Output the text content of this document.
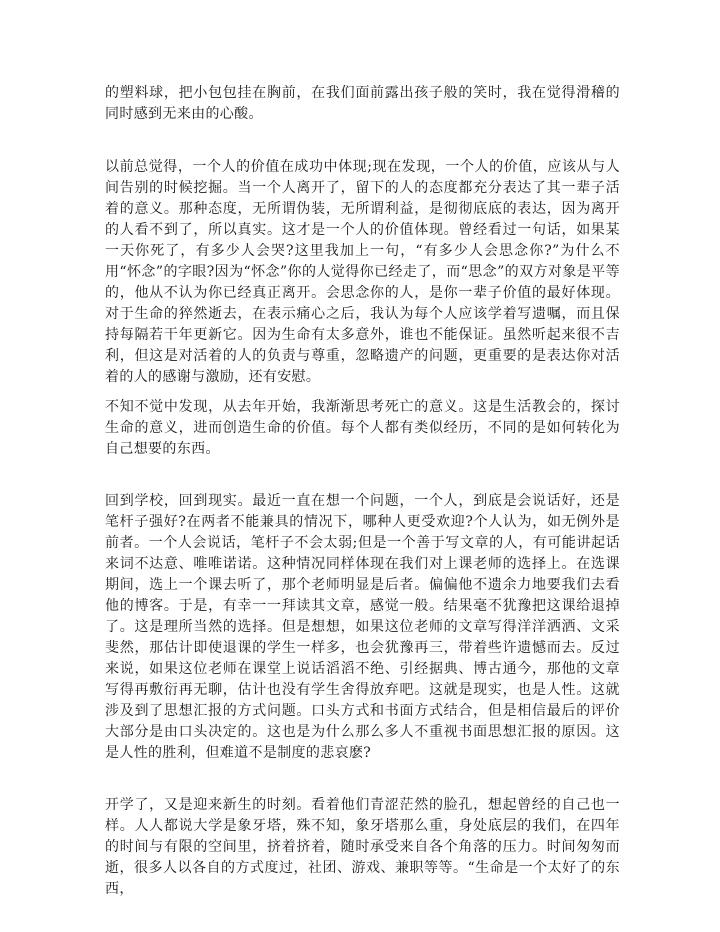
的塑料球，把小包包挂在胸前，在我们面前露出孩子般的笑时，我在觉得滑稽的同时感到无来由的心酸。

以前总觉得，一个人的价值在成功中体现;现在发现，一个人的价值，应该从与人间告别的时候挖掘。当一个人离开了，留下的人的态度都充分表达了其一辈子活着的意义。那种态度，无所谓伪装，无所谓利益，是彻彻底底的表达，因为离开的人看不到了，所以真实。这才是一个人的价值体现。曾经看过一句话，如果某一天你死了，有多少人会哭?这里我加上一句，“有多少人会思念你?”为什么不用“怀念”的字眼?因为“怀念”你的人觉得你已经走了，而“思念”的双方对象是平等的，他从不认为你已经真正离开。会思念你的人，是你一辈子价值的最好体现。对于生命的猝然逝去，在表示痛心之后，我认为每个人应该学着写遗嘱，而且保持每隔若干年更新它。因为生命有太多意外，谁也不能保证。虽然听起来很不吉利，但这是对活着的人的负责与尊重，忽略遗产的问题，更重要的是表达你对活着的人的感谢与激励，还有安慰。

不知不觉中发现，从去年开始，我渐渐思考死亡的意义。这是生活教会的，探讨生命的意义，进而创造生命的价值。每个人都有类似经历，不同的是如何转化为自己想要的东西。

回到学校，回到现实。最近一直在想一个问题，一个人，到底是会说话好，还是笔杆子强好?在两者不能兼具的情况下，哪种人更受欢迎?个人认为，如无例外是前者。一个人会说话，笔杆子不会太弱;但是一个善于写文章的人，有可能讲起话来词不达意、唯唯诺诺。这种情况同样体现在我们对上课老师的选择上。在选课期间，选上一个课去听了，那个老师明显是后者。偏偏他不遗余力地要我们去看他的博客。于是，有幸一一拜读其文章，感觉一般。结果毫不犹豫把这课给退掉了。这是理所当然的选择。但是想想，如果这位老师的文章写得洋洋洒洒、文采斐然，那估计即使退课的学生一样多，也会犹豫再三，带着些许遗憾而去。反过来说，如果这位老师在课堂上说话滔滔不绝、引经据典、博古通今，那他的文章写得再敷衍再无聊，估计也没有学生舍得放弃吧。这就是现实，也是人性。这就涉及到了思想汇报的方式问题。口头方式和书面方式结合，但是相信最后的评价大部分是由口头决定的。这也是为什么那么多人不重视书面思想汇报的原因。这是人性的胜利，但难道不是制度的悲哀麽?

开学了，又是迎来新生的时刻。看着他们青涩茫然的脸孔，想起曾经的自己也一样。人人都说大学是象牙塔，殊不知，象牙塔那么重，身处底层的我们，在四年的时间与有限的空间里，挤着挤着，随时承受来自各个角落的压力。时间匆匆而逝，很多人以各自的方式度过，社团、游戏、兼职等等。“生命是一个太好了的东西，
